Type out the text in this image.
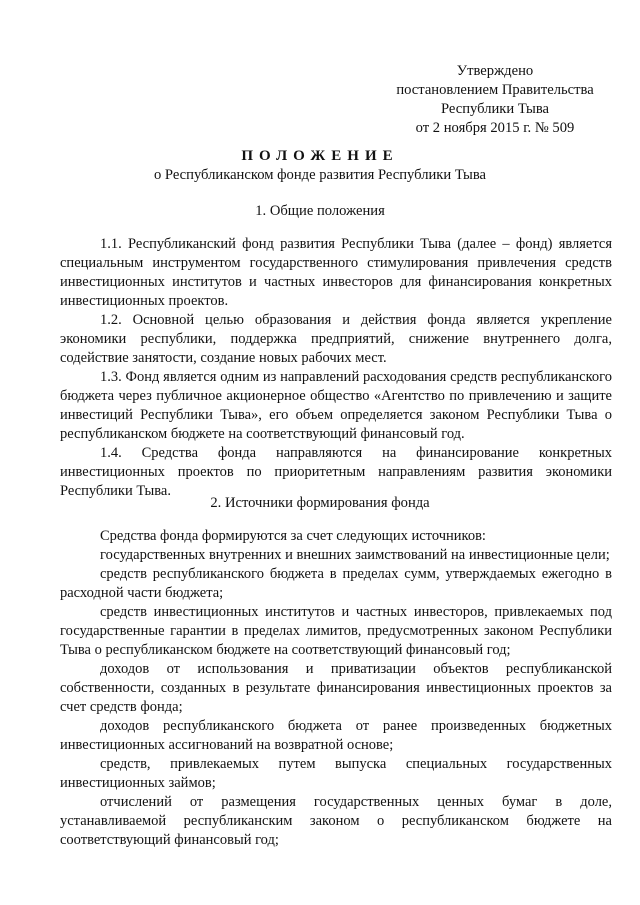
Утверждено
постановлением Правительства
Республики Тыва
от 2 ноября 2015 г. № 509
ПОЛОЖЕНИЕ
о Республиканском фонде развития Республики Тыва
1. Общие положения

1.1. Республиканский фонд развития Республики Тыва (далее – фонд) является специальным инструментом государственного стимулирования привлечения средств инвестиционных институтов и частных инвесторов для финансирования конкретных инвестиционных проектов.

1.2. Основной целью образования и действия фонда является укрепление экономики республики, поддержка предприятий, снижение внутреннего долга, содействие занятости, создание новых рабочих мест.

1.3. Фонд является одним из направлений расходования средств республиканского бюджета через публичное акционерное общество «Агентство по привлечению и защите инвестиций Республики Тыва», его объем определяется законом Республики Тыва о республиканском бюджете на соответствующий финансовый год.

1.4. Средства фонда направляются на финансирование конкретных инвестиционных проектов по приоритетным направлениям развития экономики Республики Тыва.

2. Источники формирования фонда

Средства фонда формируются за счет следующих источников:

государственных внутренних и внешних заимствований на инвестиционные цели;

средств республиканского бюджета в пределах сумм, утверждаемых ежегодно в расходной части бюджета;

средств инвестиционных институтов и частных инвесторов, привлекаемых под государственные гарантии в пределах лимитов, предусмотренных законом Республики Тыва о республиканском бюджете на соответствующий финансовый год;

доходов от использования и приватизации объектов республиканской собственности, созданных в результате финансирования инвестиционных проектов за счет средств фонда;

доходов республиканского бюджета от ранее произведенных бюджетных инвестиционных ассигнований на возвратной основе;

средств, привлекаемых путем выпуска специальных государственных инвестиционных займов;

отчислений от размещения государственных ценных бумаг в доле, устанавливаемой республиканским законом о республиканском бюджете на соответствующий финансовый год;
